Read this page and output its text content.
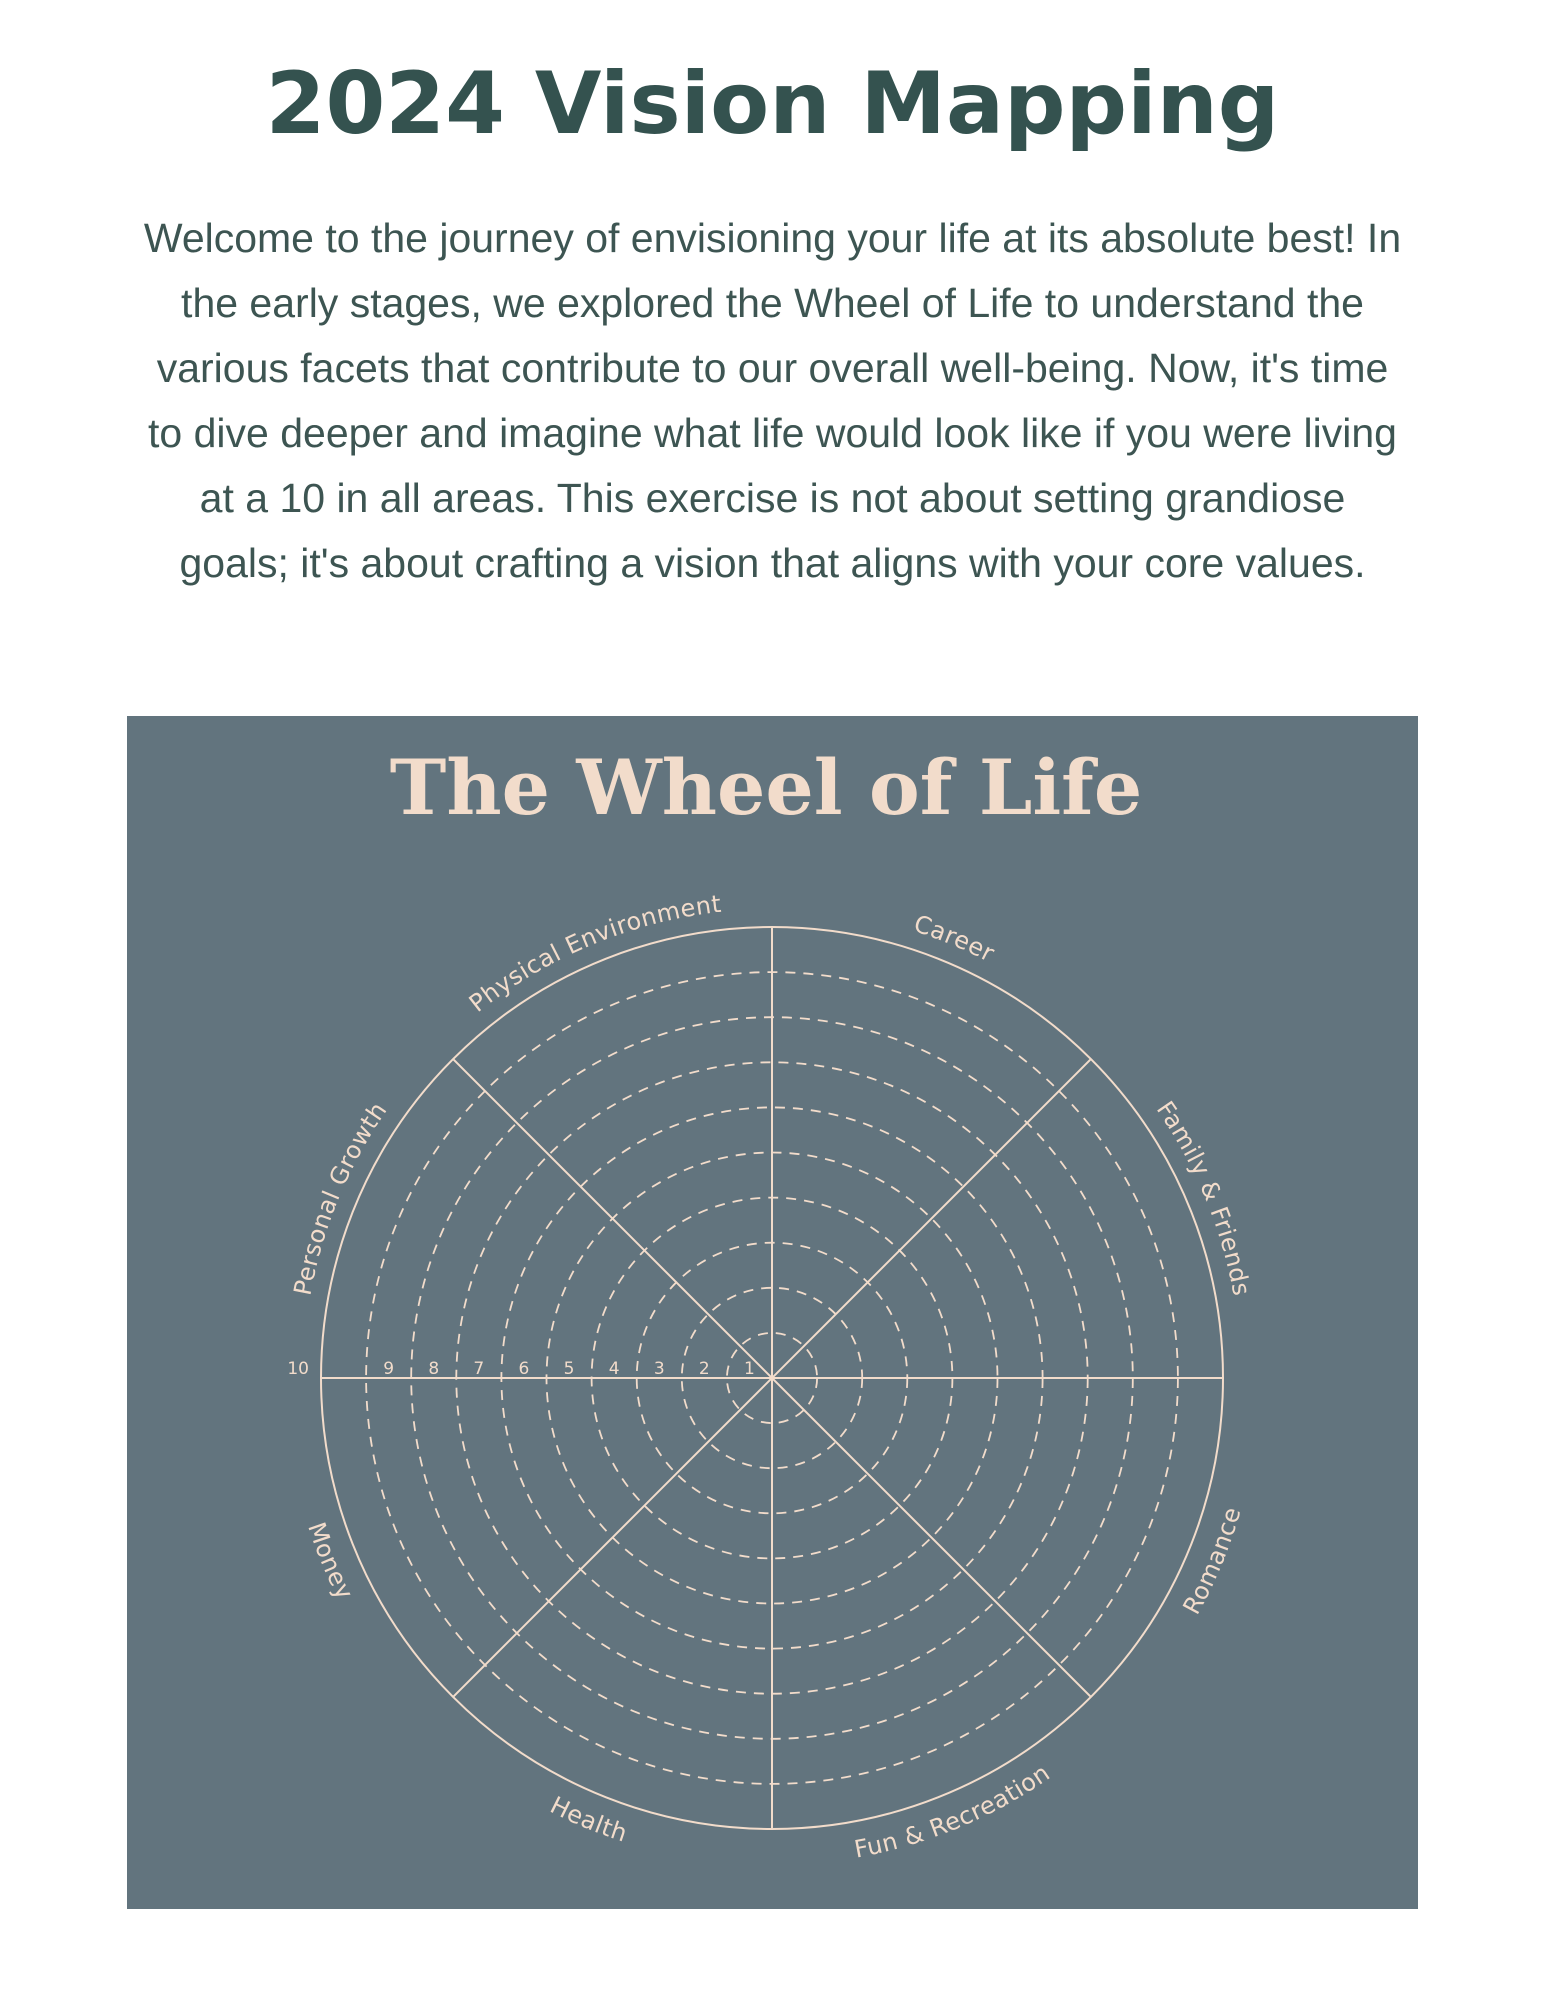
2024 Vision Mapping

Welcome to the journey of envisioning your life at its absolute best! In the early stages, we explored the Wheel of Life to understand the various facets that contribute to our overall well-being. Now, it's time to dive deeper and imagine what life would look like if you were living at a 10 in all areas. This exercise is not about setting grandiose goals; it's about crafting a vision that aligns with your core values.

The Wheel of Life
1
2
3
4
5
6
7
8
9
10
Career
Family & Friends
Romance
Fun & Recreation
Health
Money
Personal Growth
Physical Environment
